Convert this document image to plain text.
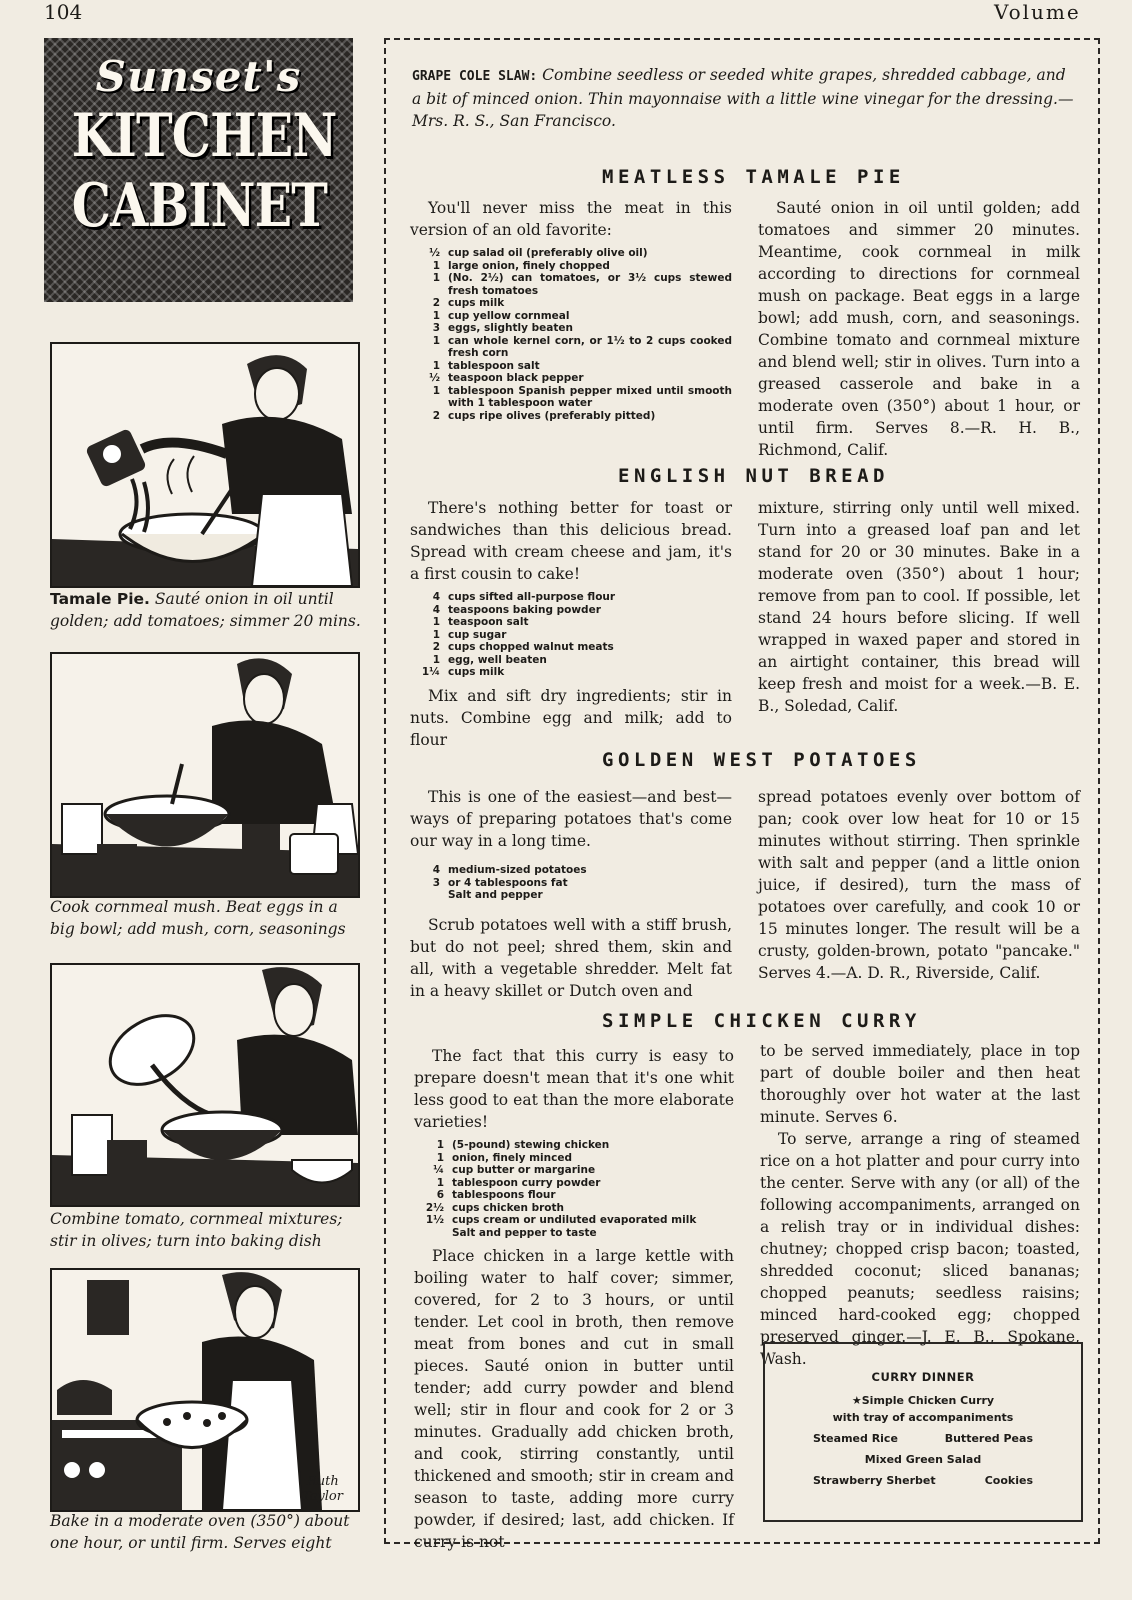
104	Volume
Sunset's
KITCHEN
CABINET
Tamale Pie. Sauté onion in oil until golden; add tomatoes; simmer 20 mins.
Cook cornmeal mush. Beat eggs in a big bowl; add mush, corn, seasonings
Combine tomato, cornmeal mixtures; stir in olives; turn into baking dish
Ruth
Taylor
Bake in a moderate oven (350°) about one hour, or until firm. Serves eight
GRAPE COLE SLAW: Combine seedless or seeded white grapes, shredded cabbage, and a bit of minced onion. Thin mayonnaise with a little wine vinegar for the dressing.—Mrs. R. S., San Francisco.
MEATLESS TAMALE PIE

You'll never miss the meat in this version of an old favorite:

½ cup salad oil (preferably olive oil)
1 large onion, finely chopped
1 (No. 2½) can tomatoes, or 3½ cups stewed fresh tomatoes
2 cups milk
1 cup yellow cornmeal
3 eggs, slightly beaten
1 can whole kernel corn, or 1½ to 2 cups cooked fresh corn
1 tablespoon salt
½ teaspoon black pepper
1 tablespoon Spanish pepper mixed until smooth with 1 tablespoon water
2 cups ripe olives (preferably pitted)

Sauté onion in oil until golden; add tomatoes and simmer 20 minutes. Meantime, cook cornmeal in milk according to directions for cornmeal mush on package. Beat eggs in a large bowl; add mush, corn, and seasonings. Combine tomato and cornmeal mixture and blend well; stir in olives. Turn into a greased casserole and bake in a moderate oven (350°) about 1 hour, or until firm. Serves 8.—R. H. B., Richmond, Calif.

ENGLISH NUT BREAD

There's nothing better for toast or sandwiches than this delicious bread. Spread with cream cheese and jam, it's a first cousin to cake!

4 cups sifted all-purpose flour
4 teaspoons baking powder
1 teaspoon salt
1 cup sugar
2 cups chopped walnut meats
1 egg, well beaten
1¼ cups milk

Mix and sift dry ingredients; stir in nuts. Combine egg and milk; add to flour

mixture, stirring only until well mixed. Turn into a greased loaf pan and let stand for 20 or 30 minutes. Bake in a moderate oven (350°) about 1 hour; remove from pan to cool. If possible, let stand 24 hours before slicing. If well wrapped in waxed paper and stored in an airtight container, this bread will keep fresh and moist for a week.—B. E. B., Soledad, Calif.

GOLDEN WEST POTATOES

This is one of the easiest—and best—ways of preparing potatoes that's come our way in a long time.

4 medium-sized potatoes
3 or 4 tablespoons fat
Salt and pepper

Scrub potatoes well with a stiff brush, but do not peel; shred them, skin and all, with a vegetable shredder. Melt fat in a heavy skillet or Dutch oven and

spread potatoes evenly over bottom of pan; cook over low heat for 10 or 15 minutes without stirring. Then sprinkle with salt and pepper (and a little onion juice, if desired), turn the mass of potatoes over carefully, and cook 10 or 15 minutes longer. The result will be a crusty, golden-brown, potato "pancake." Serves 4.—A. D. R., Riverside, Calif.

SIMPLE CHICKEN CURRY

The fact that this curry is easy to prepare doesn't mean that it's one whit less good to eat than the more elaborate varieties!

1 (5-pound) stewing chicken
1 onion, finely minced
¼ cup butter or margarine
1 tablespoon curry powder
6 tablespoons flour
2½ cups chicken broth
1½ cups cream or undiluted evaporated milk
Salt and pepper to taste

Place chicken in a large kettle with boiling water to half cover; simmer, covered, for 2 to 3 hours, or until tender. Let cool in broth, then remove meat from bones and cut in small pieces. Sauté onion in butter until tender; add curry powder and blend well; stir in flour and cook for 2 or 3 minutes. Gradually add chicken broth, and cook, stirring constantly, until thickened and smooth; stir in cream and season to taste, adding more curry powder, if desired; last, add chicken. If curry is not

to be served immediately, place in top part of double boiler and then heat thoroughly over hot water at the last minute. Serves 6.

To serve, arrange a ring of steamed rice on a hot platter and pour curry into the center. Serve with any (or all) of the following accompaniments, arranged on a relish tray or in individual dishes: chutney; chopped crisp bacon; toasted, shredded coconut; sliced bananas; chopped peanuts; seedless raisins; minced hard-cooked egg; chopped preserved ginger.—J. E. B., Spokane, Wash.

CURRY DINNER
★Simple Chicken Curry
with tray of accompaniments
Steamed Rice	Buttered Peas
Mixed Green Salad
Strawberry Sherbet	Cookies
